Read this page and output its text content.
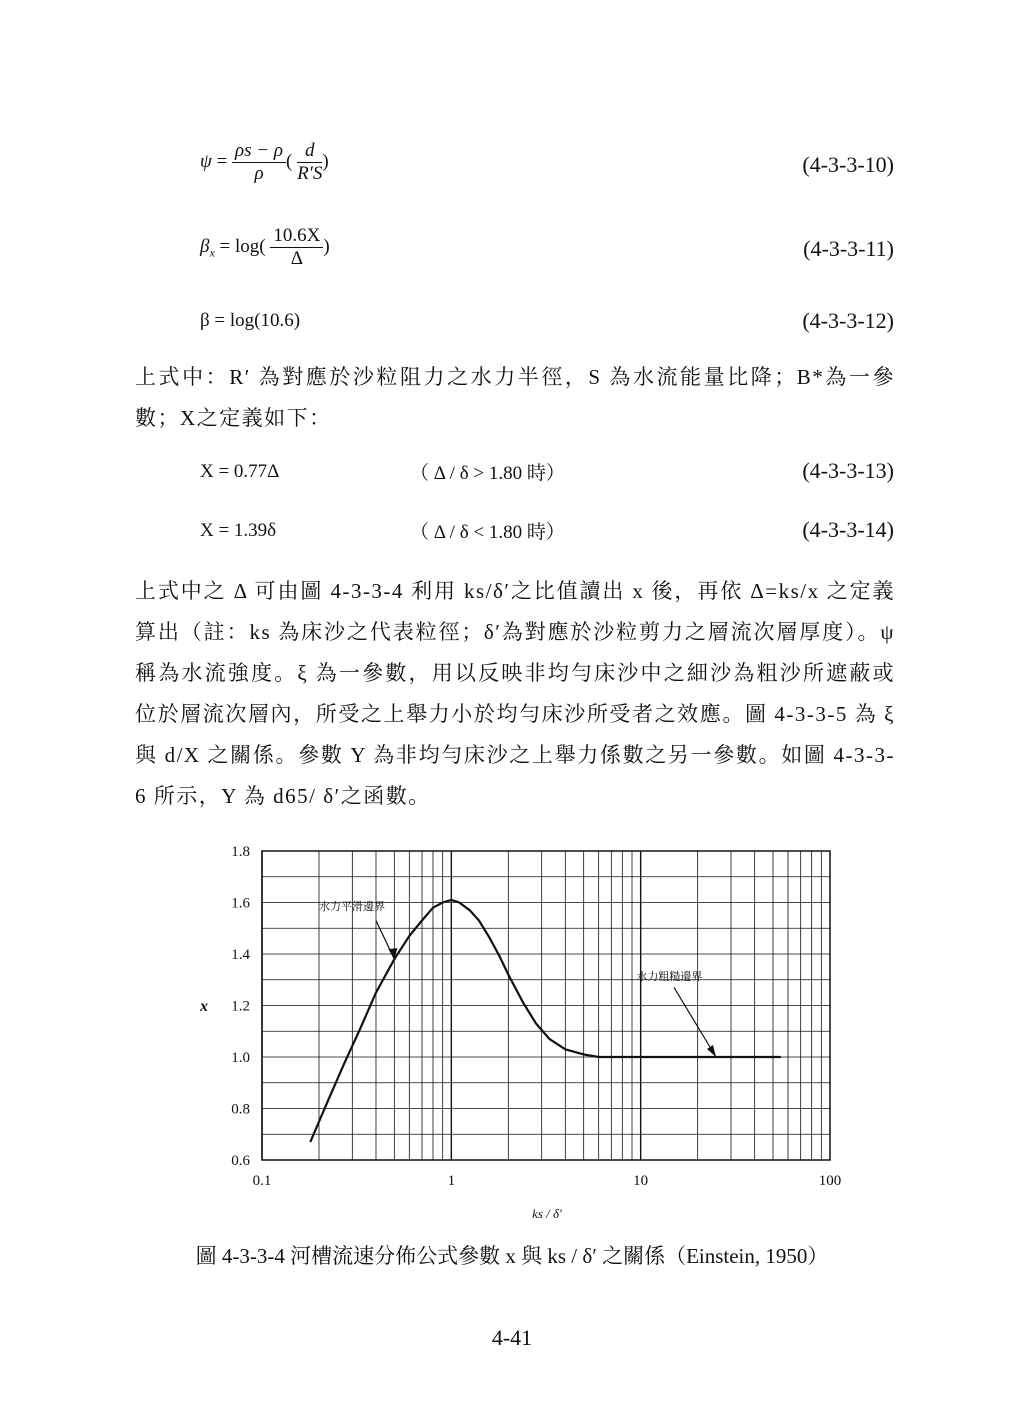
$\psi = \frac{\rho s - \rho}{\rho}$ ( $\frac{d}{R'S}$ )	(4-3-3-10)
$\beta_x = \log( \frac{10.6X}{\Delta}$ )	(4-3-3-11)
β = log(10.6)	(4-3-3-12)
上式中：R′ 為對應於沙粒阻力之水力半徑，S 為水流能量比降；B*為一參數；X之定義如下：
X = 0.77Δ	（ Δ / δ > 1.80 時）	(4-3-3-13)
X = 1.39δ	（ Δ / δ < 1.80 時）	(4-3-3-14)
上式中之 Δ 可由圖 4-3-3-4 利用 ks/δ′之比值讀出 x 後，再依 Δ=ks/x 之定義算出（註：ks 為床沙之代表粒徑；δ′為對應於沙粒剪力之層流次層厚度）。ψ 稱為水流強度。ξ 為一參數，用以反映非均勻床沙中之細沙為粗沙所遮蔽或位於層流次層內，所受之上舉力小於均勻床沙所受者之效應。圖 4-3-3-5 為 ξ與 d/X 之關係。參數 Y 為非均勻床沙之上舉力係數之另一參數。如圖 4-3-3-6 所示，Y 為 d65/ δ′之函數。
0.6
0.8
1.0
1.2
1.4
1.6
1.8
0.1	1	10	100
水力平滑邊界
水力粗糙邊界
x
ks / δ′
圖 4-3-3-4 河槽流速分佈公式參數 x 與 ks / δ′ 之關係（Einstein, 1950）
4-41
